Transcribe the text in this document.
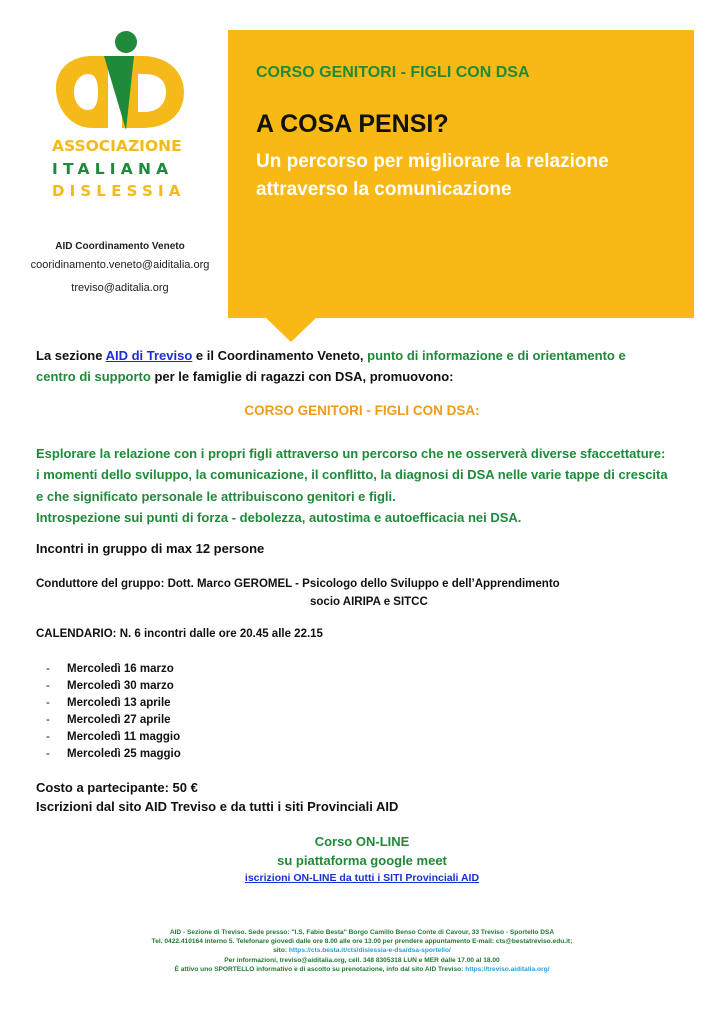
ASSOCIAZIONE
ITALIANA
DISLESSIA
AID Coordinamento Veneto
cooridinamento.veneto@aiditalia.org
treviso@aditalia.org
CORSO GENITORI - FIGLI CON DSA
A COSA PENSI?
Un percorso per migliorare la relazione attraverso la comunicazione
La sezione AID di Treviso e il Coordinamento Veneto, punto di informazione e di orientamento e
centro di supporto per le famiglie di ragazzi con DSA, promuovono:
CORSO GENITORI - FIGLI CON DSA:
Esplorare la relazione con i propri figli attraverso un percorso che ne osserverà diverse sfaccettature:
i momenti dello sviluppo, la comunicazione, il conflitto, la diagnosi di DSA nelle varie tappe di crescita
e che significato personale le attribuiscono genitori e figli.
Introspezione sui punti di forza - debolezza, autostima e autoefficacia nei DSA.
Incontri in gruppo di max 12 persone
Conduttore del gruppo: Dott. Marco GEROMEL - Psicologo dello Sviluppo e dell’Apprendimento
socio AIRIPA e SITCC
CALENDARIO: N. 6 incontri dalle ore 20.45 alle 22.15
- Mercoledì 16 marzo
- Mercoledì 30 marzo
- Mercoledì 13 aprile
- Mercoledì 27 aprile
- Mercoledì 11 maggio
- Mercoledì 25 maggio
Costo a partecipante: 50 €
Iscrizioni dal sito AID Treviso e da tutti i siti Provinciali AID
Corso ON-LINE
su piattaforma google meet
iscrizioni ON-LINE da tutti i SITI Provinciali AID
AID - Sezione di Treviso. Sede presso: "I.S. Fabio Besta" Borgo Camillo Benso Conte di Cavour, 33 Treviso - Sportello DSA
Tel. 0422.410164 interno 5. Telefonare giovedì dalle ore 8.00 alle ore 13.00 per prendere appuntamento E-mail: cts@bestatreviso.edu.it;
sito: https://cts.besta.it/cts/dislessia-e-dsa/dsa-sportello/
Per informazioni, treviso@aiditalia.org, cell. 348 8305318 LUN e MER dalle 17.00 al 18.00
È attivo uno SPORTELLO informativo e di ascolto su prenotazione, info dal sito AID Treviso: https://treviso.aiditalia.org/
